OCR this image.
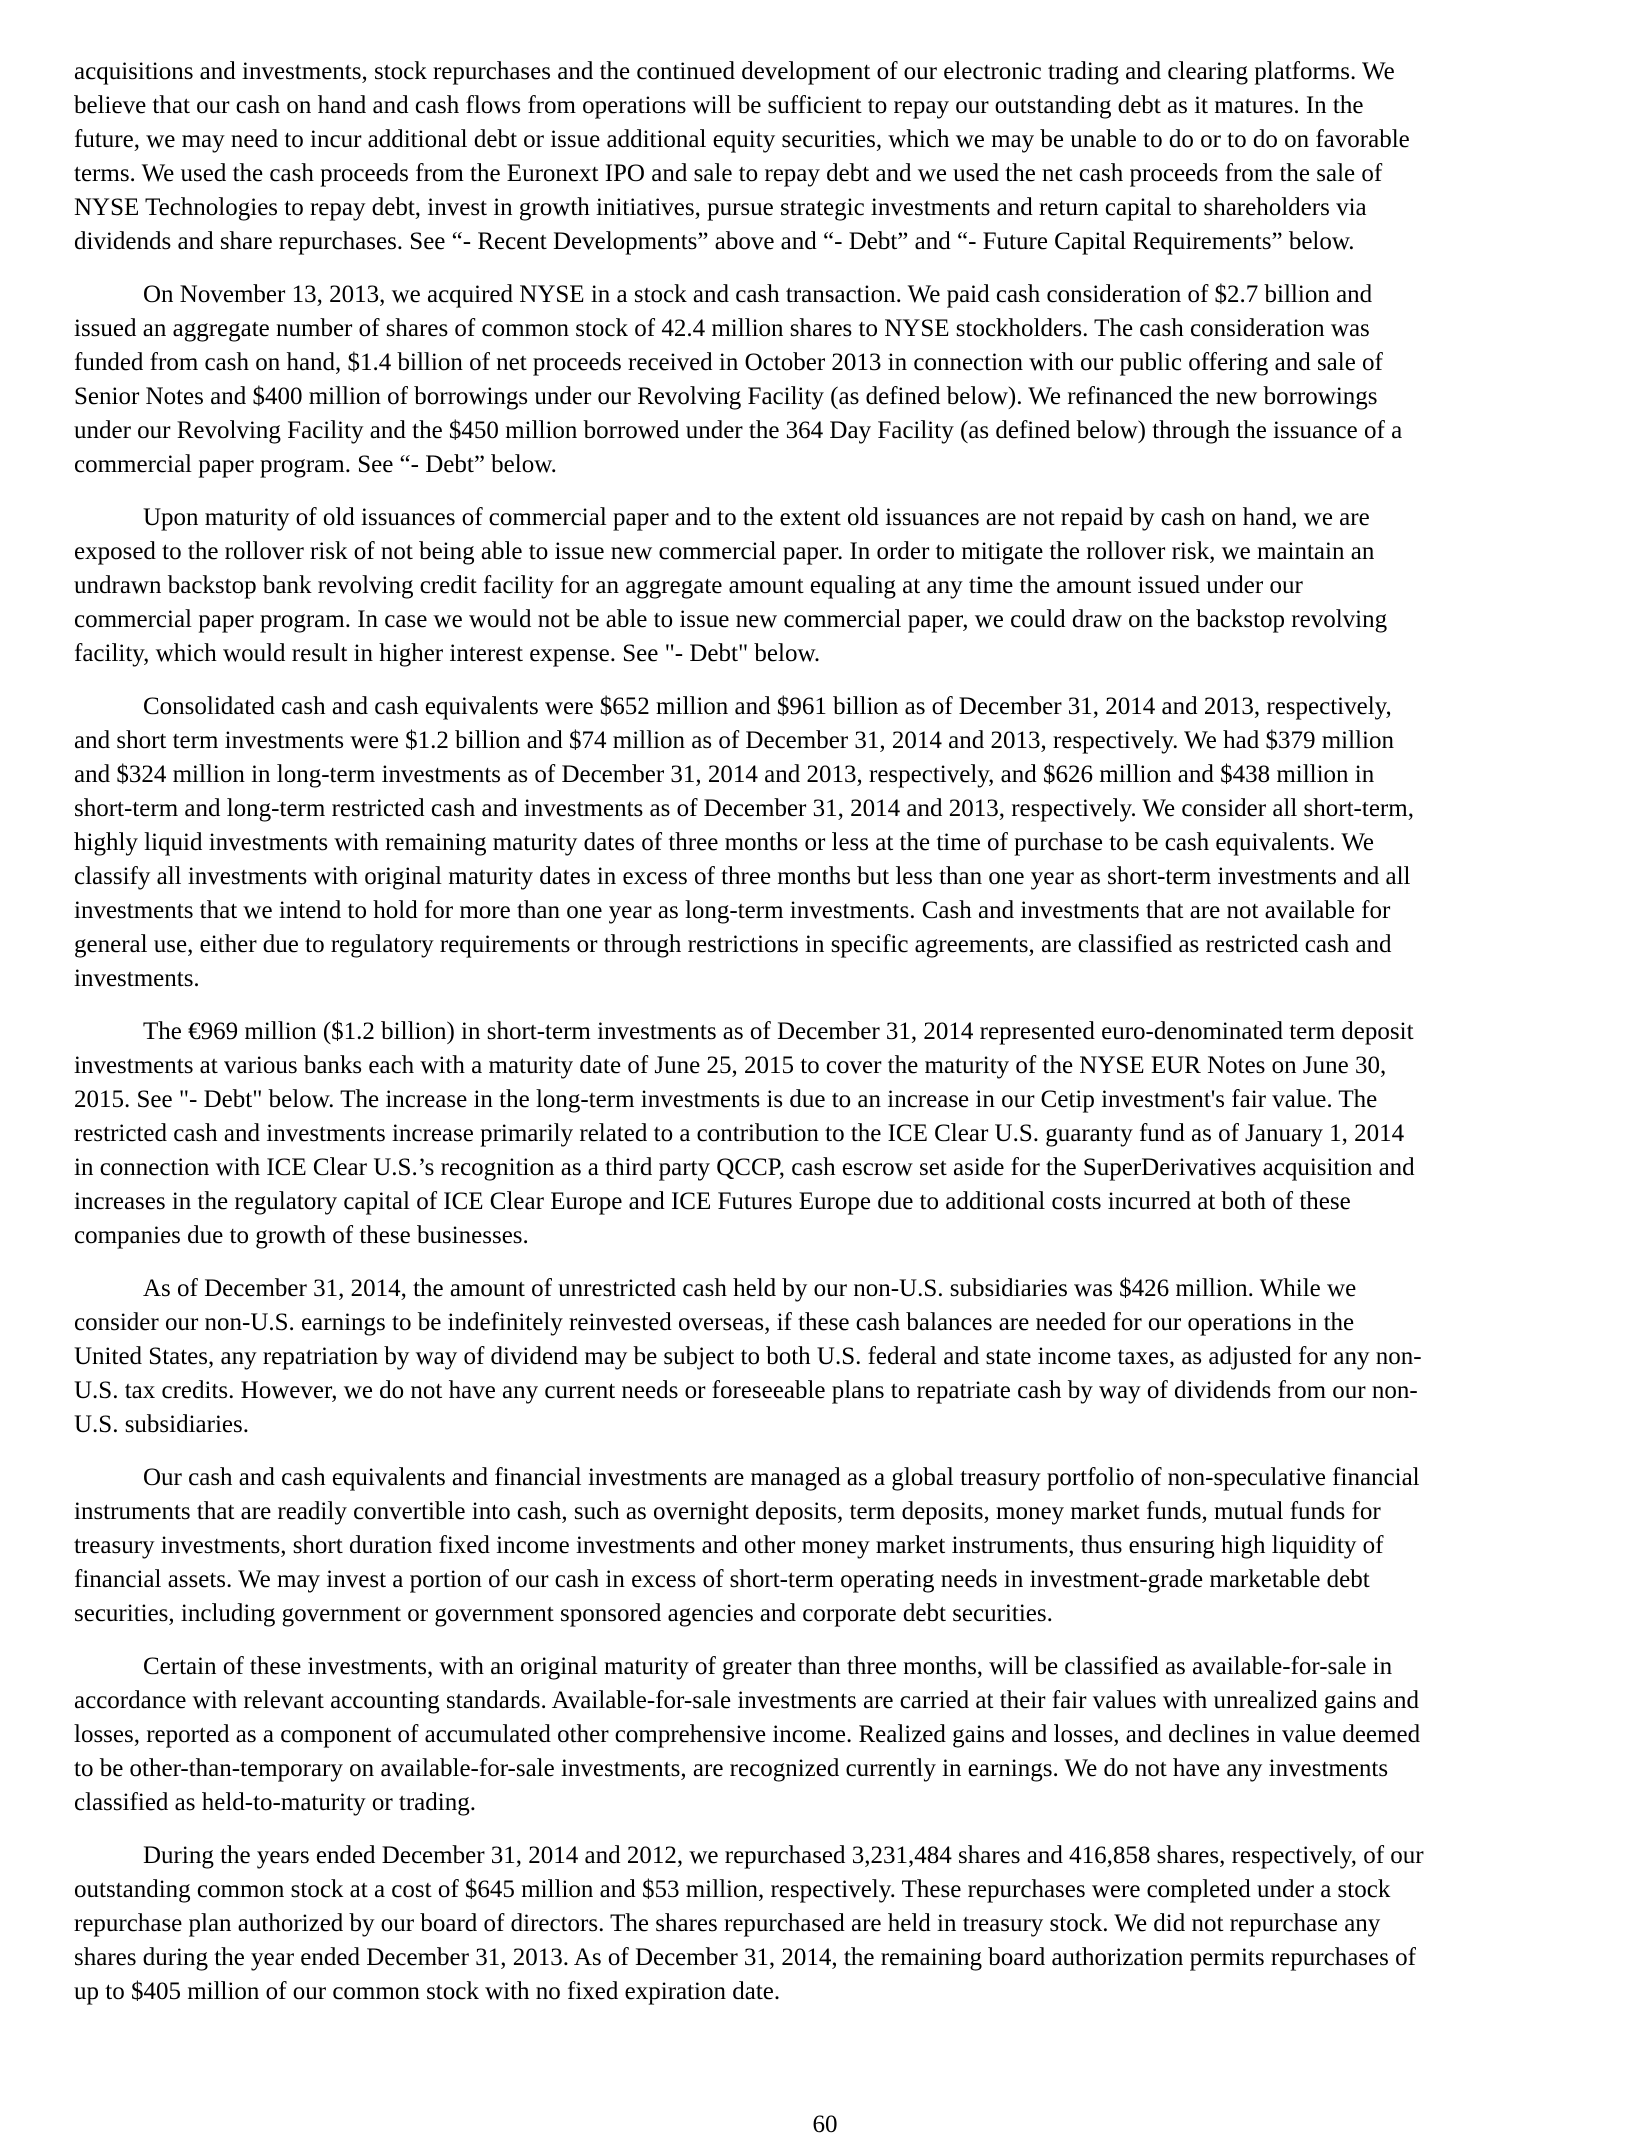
acquisitions and investments, stock repurchases and the continued development of our electronic trading and clearing platforms. We
believe that our cash on hand and cash flows from operations will be sufficient to repay our outstanding debt as it matures. In the
future, we may need to incur additional debt or issue additional equity securities, which we may be unable to do or to do on favorable
terms. We used the cash proceeds from the Euronext IPO and sale to repay debt and we used the net cash proceeds from the sale of
NYSE Technologies to repay debt, invest in growth initiatives, pursue strategic investments and return capital to shareholders via
dividends and share repurchases. See “- Recent Developments” above and “- Debt” and “- Future Capital Requirements” below.

On November 13, 2013, we acquired NYSE in a stock and cash transaction. We paid cash consideration of $2.7 billion and
issued an aggregate number of shares of common stock of 42.4 million shares to NYSE stockholders. The cash consideration was
funded from cash on hand, $1.4 billion of net proceeds received in October 2013 in connection with our public offering and sale of
Senior Notes and $400 million of borrowings under our Revolving Facility (as defined below). We refinanced the new borrowings
under our Revolving Facility and the $450 million borrowed under the 364 Day Facility (as defined below) through the issuance of a
commercial paper program. See “- Debt” below.

Upon maturity of old issuances of commercial paper and to the extent old issuances are not repaid by cash on hand, we are
exposed to the rollover risk of not being able to issue new commercial paper. In order to mitigate the rollover risk, we maintain an
undrawn backstop bank revolving credit facility for an aggregate amount equaling at any time the amount issued under our
commercial paper program. In case we would not be able to issue new commercial paper, we could draw on the backstop revolving
facility, which would result in higher interest expense. See "- Debt" below.

Consolidated cash and cash equivalents were $652 million and $961 billion as of December 31, 2014 and 2013, respectively,
and short term investments were $1.2 billion and $74 million as of December 31, 2014 and 2013, respectively. We had $379 million
and $324 million in long-term investments as of December 31, 2014 and 2013, respectively, and $626 million and $438 million in
short-term and long-term restricted cash and investments as of December 31, 2014 and 2013, respectively. We consider all short-term,
highly liquid investments with remaining maturity dates of three months or less at the time of purchase to be cash equivalents. We
classify all investments with original maturity dates in excess of three months but less than one year as short-term investments and all
investments that we intend to hold for more than one year as long-term investments. Cash and investments that are not available for
general use, either due to regulatory requirements or through restrictions in specific agreements, are classified as restricted cash and
investments.

The €969 million ($1.2 billion) in short-term investments as of December 31, 2014 represented euro-denominated term deposit
investments at various banks each with a maturity date of June 25, 2015 to cover the maturity of the NYSE EUR Notes on June 30,
2015. See "- Debt" below. The increase in the long-term investments is due to an increase in our Cetip investment's fair value. The
restricted cash and investments increase primarily related to a contribution to the ICE Clear U.S. guaranty fund as of January 1, 2014
in connection with ICE Clear U.S.’s recognition as a third party QCCP, cash escrow set aside for the SuperDerivatives acquisition and
increases in the regulatory capital of ICE Clear Europe and ICE Futures Europe due to additional costs incurred at both of these
companies due to growth of these businesses.

As of December 31, 2014, the amount of unrestricted cash held by our non-U.S. subsidiaries was $426 million. While we
consider our non-U.S. earnings to be indefinitely reinvested overseas, if these cash balances are needed for our operations in the
United States, any repatriation by way of dividend may be subject to both U.S. federal and state income taxes, as adjusted for any non-
U.S. tax credits. However, we do not have any current needs or foreseeable plans to repatriate cash by way of dividends from our non-
U.S. subsidiaries.

Our cash and cash equivalents and financial investments are managed as a global treasury portfolio of non-speculative financial
instruments that are readily convertible into cash, such as overnight deposits, term deposits, money market funds, mutual funds for
treasury investments, short duration fixed income investments and other money market instruments, thus ensuring high liquidity of
financial assets. We may invest a portion of our cash in excess of short-term operating needs in investment-grade marketable debt
securities, including government or government sponsored agencies and corporate debt securities.

Certain of these investments, with an original maturity of greater than three months, will be classified as available-for-sale in
accordance with relevant accounting standards. Available-for-sale investments are carried at their fair values with unrealized gains and
losses, reported as a component of accumulated other comprehensive income. Realized gains and losses, and declines in value deemed
to be other-than-temporary on available-for-sale investments, are recognized currently in earnings. We do not have any investments
classified as held-to-maturity or trading.

During the years ended December 31, 2014 and 2012, we repurchased 3,231,484 shares and 416,858 shares, respectively, of our
outstanding common stock at a cost of $645 million and $53 million, respectively. These repurchases were completed under a stock
repurchase plan authorized by our board of directors. The shares repurchased are held in treasury stock. We did not repurchase any
shares during the year ended December 31, 2013. As of December 31, 2014, the remaining board authorization permits repurchases of
up to $405 million of our common stock with no fixed expiration date.

60
